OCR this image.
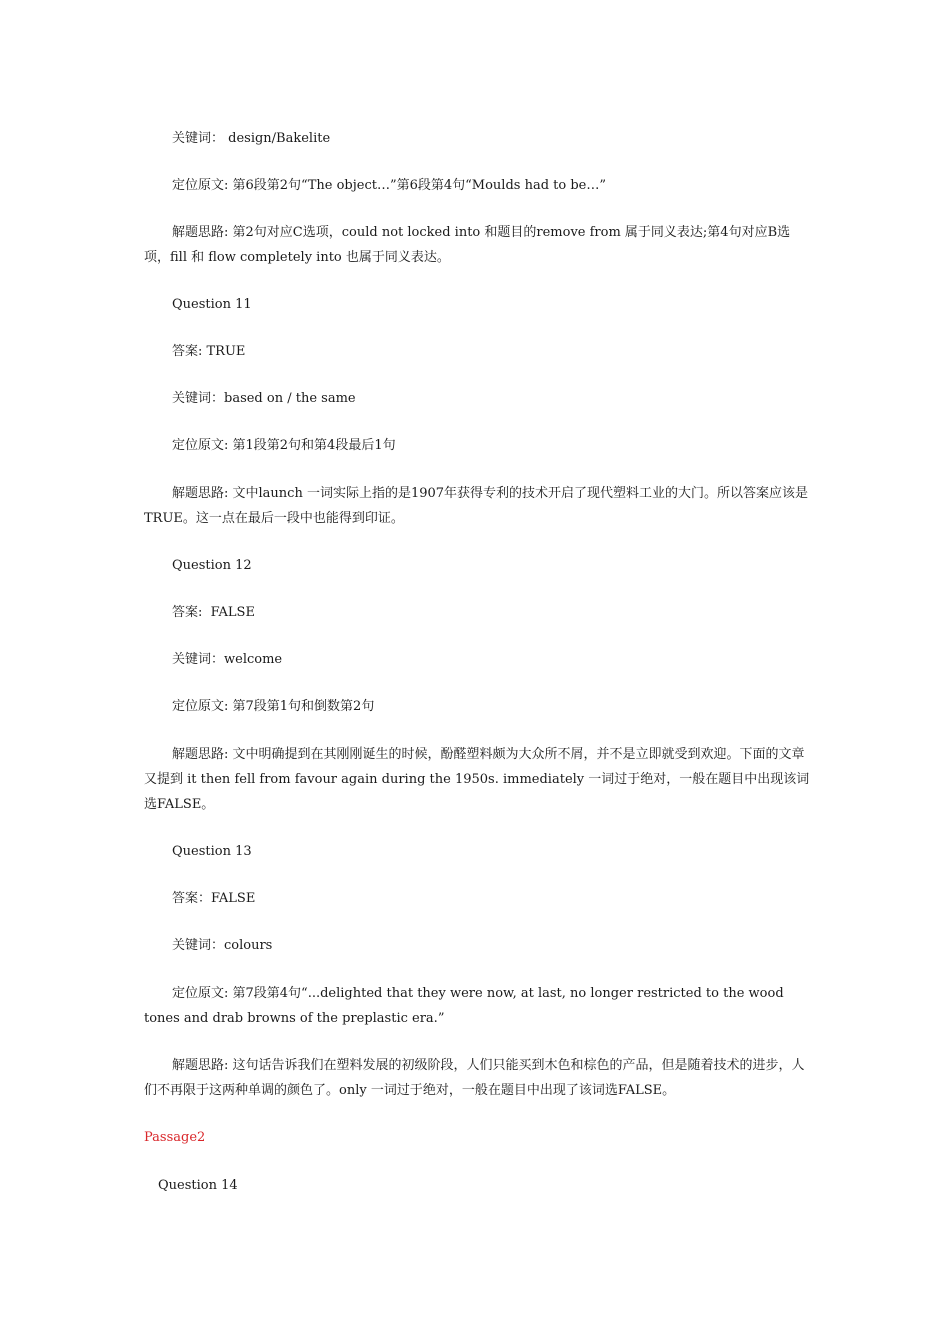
关键词： design/Bakelite

定位原文: 第6段第2句“The object…”第6段第4句“Moulds had to be…”

解题思路: 第2句对应C选项，could not locked into 和题目的remove from 属于同义表达;第4句对应B选项，fill 和 flow completely into 也属于同义表达。

Question 11

答案: TRUE

关键词：based on / the same

定位原文: 第1段第2句和第4段最后1句

解题思路: 文中launch 一词实际上指的是1907年获得专利的技术开启了现代塑料工业的大门。所以答案应该是TRUE。这一点在最后一段中也能得到印证。

Question 12

答案:  FALSE

关键词：welcome

定位原文: 第7段第1句和倒数第2句

解题思路: 文中明确提到在其刚刚诞生的时候，酚醛塑料颇为大众所不屑，并不是立即就受到欢迎。下面的文章又提到 it then fell from favour again during the 1950s. immediately 一词过于绝对，一般在题目中出现该词选FALSE。

Question 13

答案：FALSE

关键词：colours

定位原文: 第7段第4句“...delighted that they were now, at last, no longer restricted to the wood tones and drab browns of the preplastic era.”

解题思路: 这句话告诉我们在塑料发展的初级阶段，人们只能买到木色和棕色的产品，但是随着技术的进步，人们不再限于这两种单调的颜色了。only 一词过于绝对，一般在题目中出现了该词选FALSE。

Passage2

Question 14
